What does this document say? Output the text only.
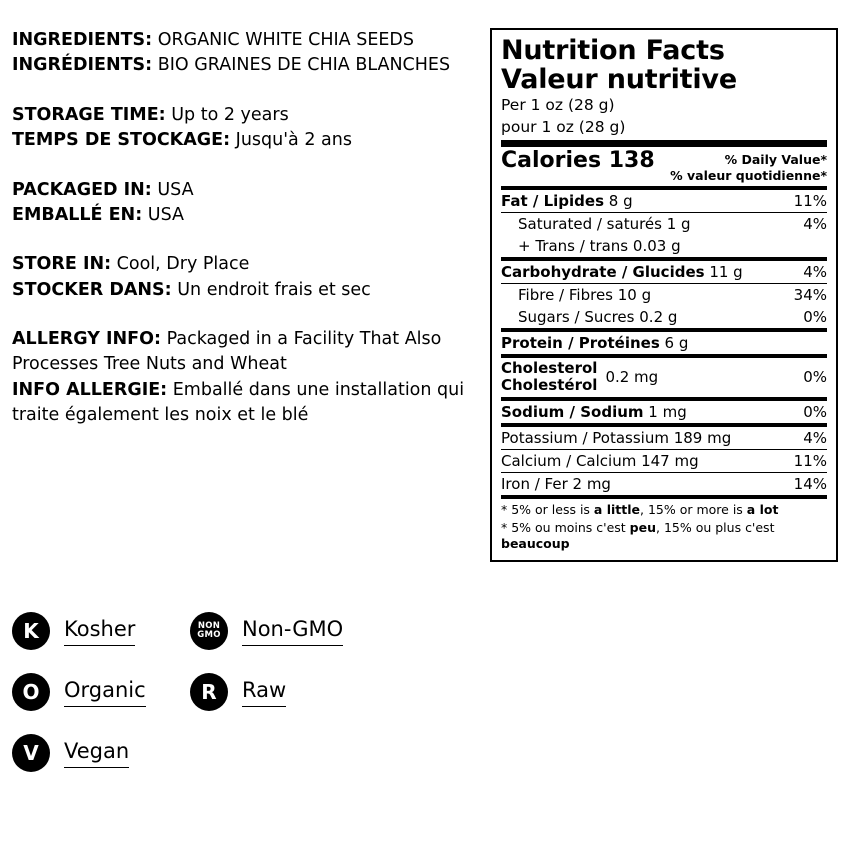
INGREDIENTS: ORGANIC WHITE CHIA SEEDS
INGRÉDIENTS: BIO GRAINES DE CHIA BLANCHES
STORAGE TIME: Up to 2 years
TEMPS DE STOCKAGE: Jusqu'à 2 ans
PACKAGED IN: USA
EMBALLÉ EN: USA
STORE IN: Cool, Dry Place
STOCKER DANS: Un endroit frais et sec
ALLERGY INFO: Packaged in a Facility That Also Processes Tree Nuts and Wheat
INFO ALLERGIE: Emballé dans une installation qui traite également les noix et le blé
K	Kosher	NON
GMO Non-GMO
O	Organic	R	Raw
V	Vegan
Nutrition Facts
Valeur nutritive
Per 1 oz (28 g)
pour 1 oz (28 g)
Calories 138	% Daily Value*
% valeur quotidienne*
Fat / Lipides 8 g	11%
Saturated / saturés 1 g	4%
+ Trans / trans 0.03 g
Carbohydrate / Glucides 11 g	4%
Fibre / Fibres 10 g	34%
Sugars / Sucres 0.2 g	0%
Protein / Protéines 6 g
Cholesterol
Cholestérol 0.2 mg	0%
Sodium / Sodium 1 mg	0%
Potassium / Potassium 189 mg	4%
Calcium / Calcium 147 mg	11%
Iron / Fer 2 mg	14%
* 5% or less is a little, 15% or more is a lot
* 5% ou moins c'est peu, 15% ou plus c'est
beaucoup
